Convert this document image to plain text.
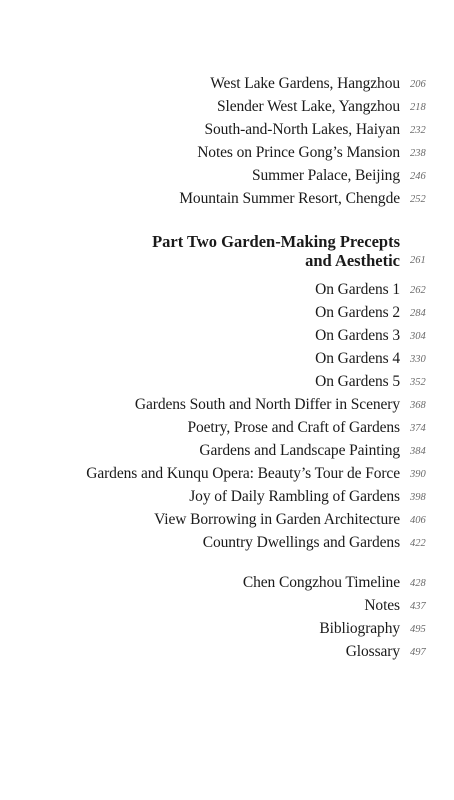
West Lake Gardens, Hangzhou 206
Slender West Lake, Yangzhou 218
South-and-North Lakes, Haiyan 232
Notes on Prince Gong’s Mansion 238
Summer Palace, Beijing 246
Mountain Summer Resort, Chengde 252
Part Two Garden-Making Precepts
and Aesthetic 261
On Gardens 1 262
On Gardens 2 284
On Gardens 3 304
On Gardens 4 330
On Gardens 5 352
Gardens South and North Differ in Scenery 368
Poetry, Prose and Craft of Gardens 374
Gardens and Landscape Painting 384
Gardens and Kunqu Opera: Beauty’s Tour de Force 390
Joy of Daily Rambling of Gardens 398
View Borrowing in Garden Architecture 406
Country Dwellings and Gardens 422
Chen Congzhou Timeline 428
Notes 437
Bibliography 495
Glossary 497
